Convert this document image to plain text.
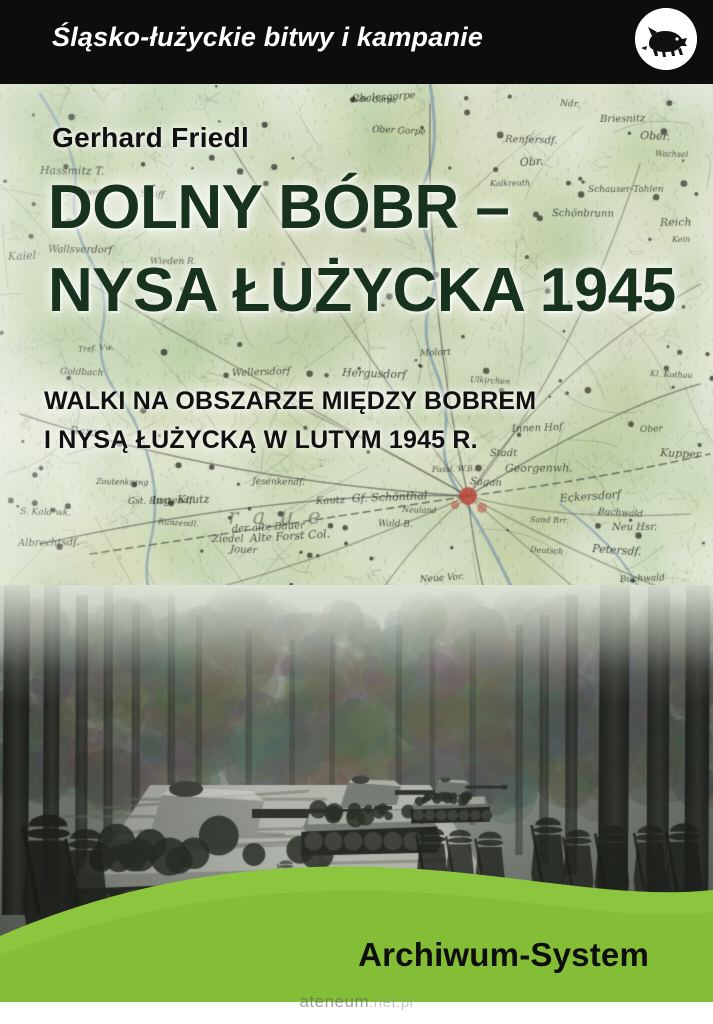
Śląsko-łużyckie bitwy i kampanie
Gerhard Friedl
DOLNY BÓBR –
NYSA ŁUŻYCKA 1945
WALKI NA OBSZARZE MIĘDZY BOBREM
I NYSĄ ŁUŻYCKĄ W LUTYM 1945 R.
Archiwum-System
ateneum.net.pl
